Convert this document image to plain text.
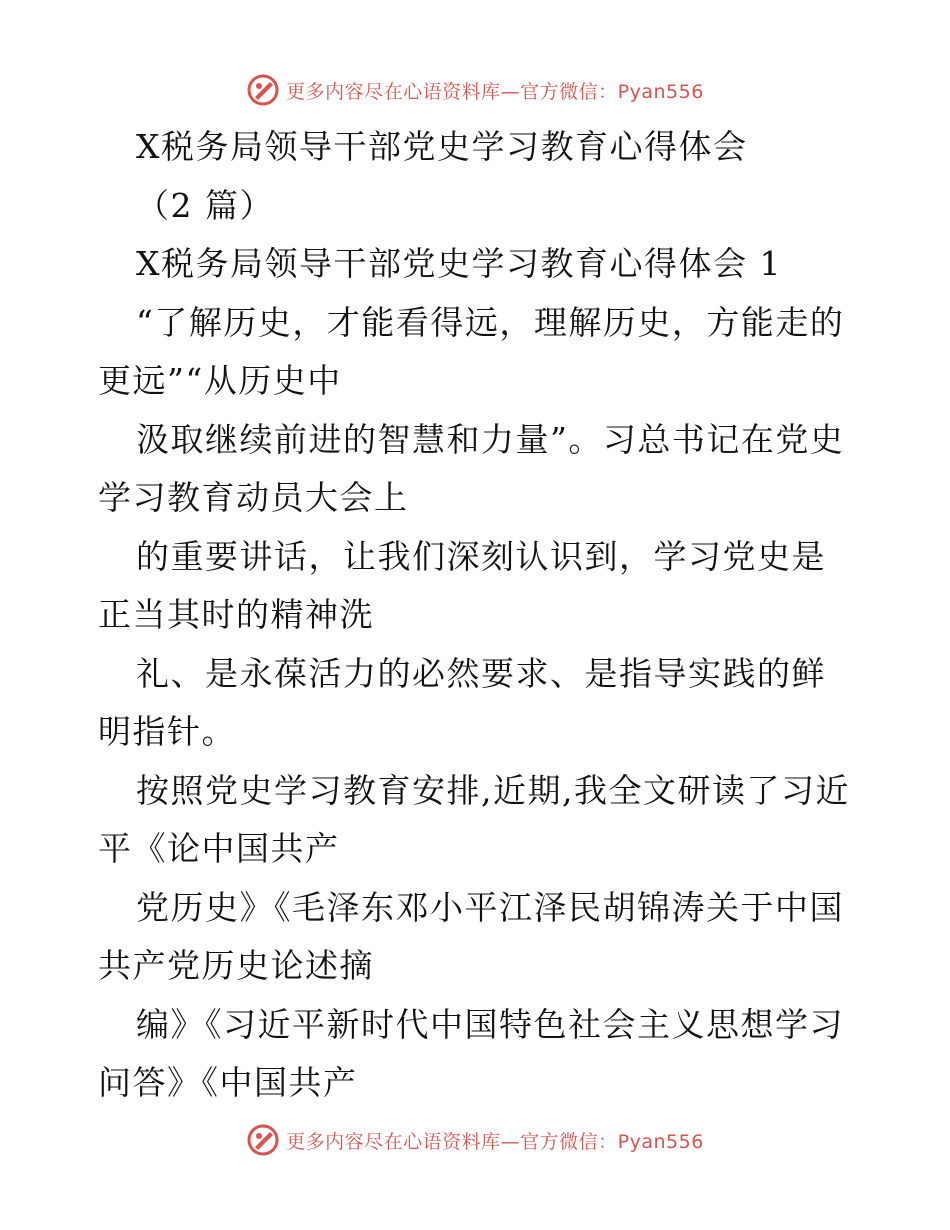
更多内容尽在心语资料库—官方微信：Pyan556

X税务局领导干部党史学习教育心得体会

（2 篇）

X税务局领导干部党史学习教育心得体会 1

“了解历史，才能看得远，理解历史，方能走的更远”“从历史中

汲取继续前进的智慧和力量”。习总书记在党史学习教育动员大会上

的重要讲话，让我们深刻认识到，学习党史是正当其时的精神洗

礼、是永葆活力的必然要求、是指导实践的鲜明指针。

按照党史学习教育安排,近期,我全文研读了习近平《论中国共产

党历史》《毛泽东邓小平江泽民胡锦涛关于中国共产党历史论述摘

编》《习近平新时代中国特色社会主义思想学习问答》《中国共产

更多内容尽在心语资料库—官方微信：Pyan556
